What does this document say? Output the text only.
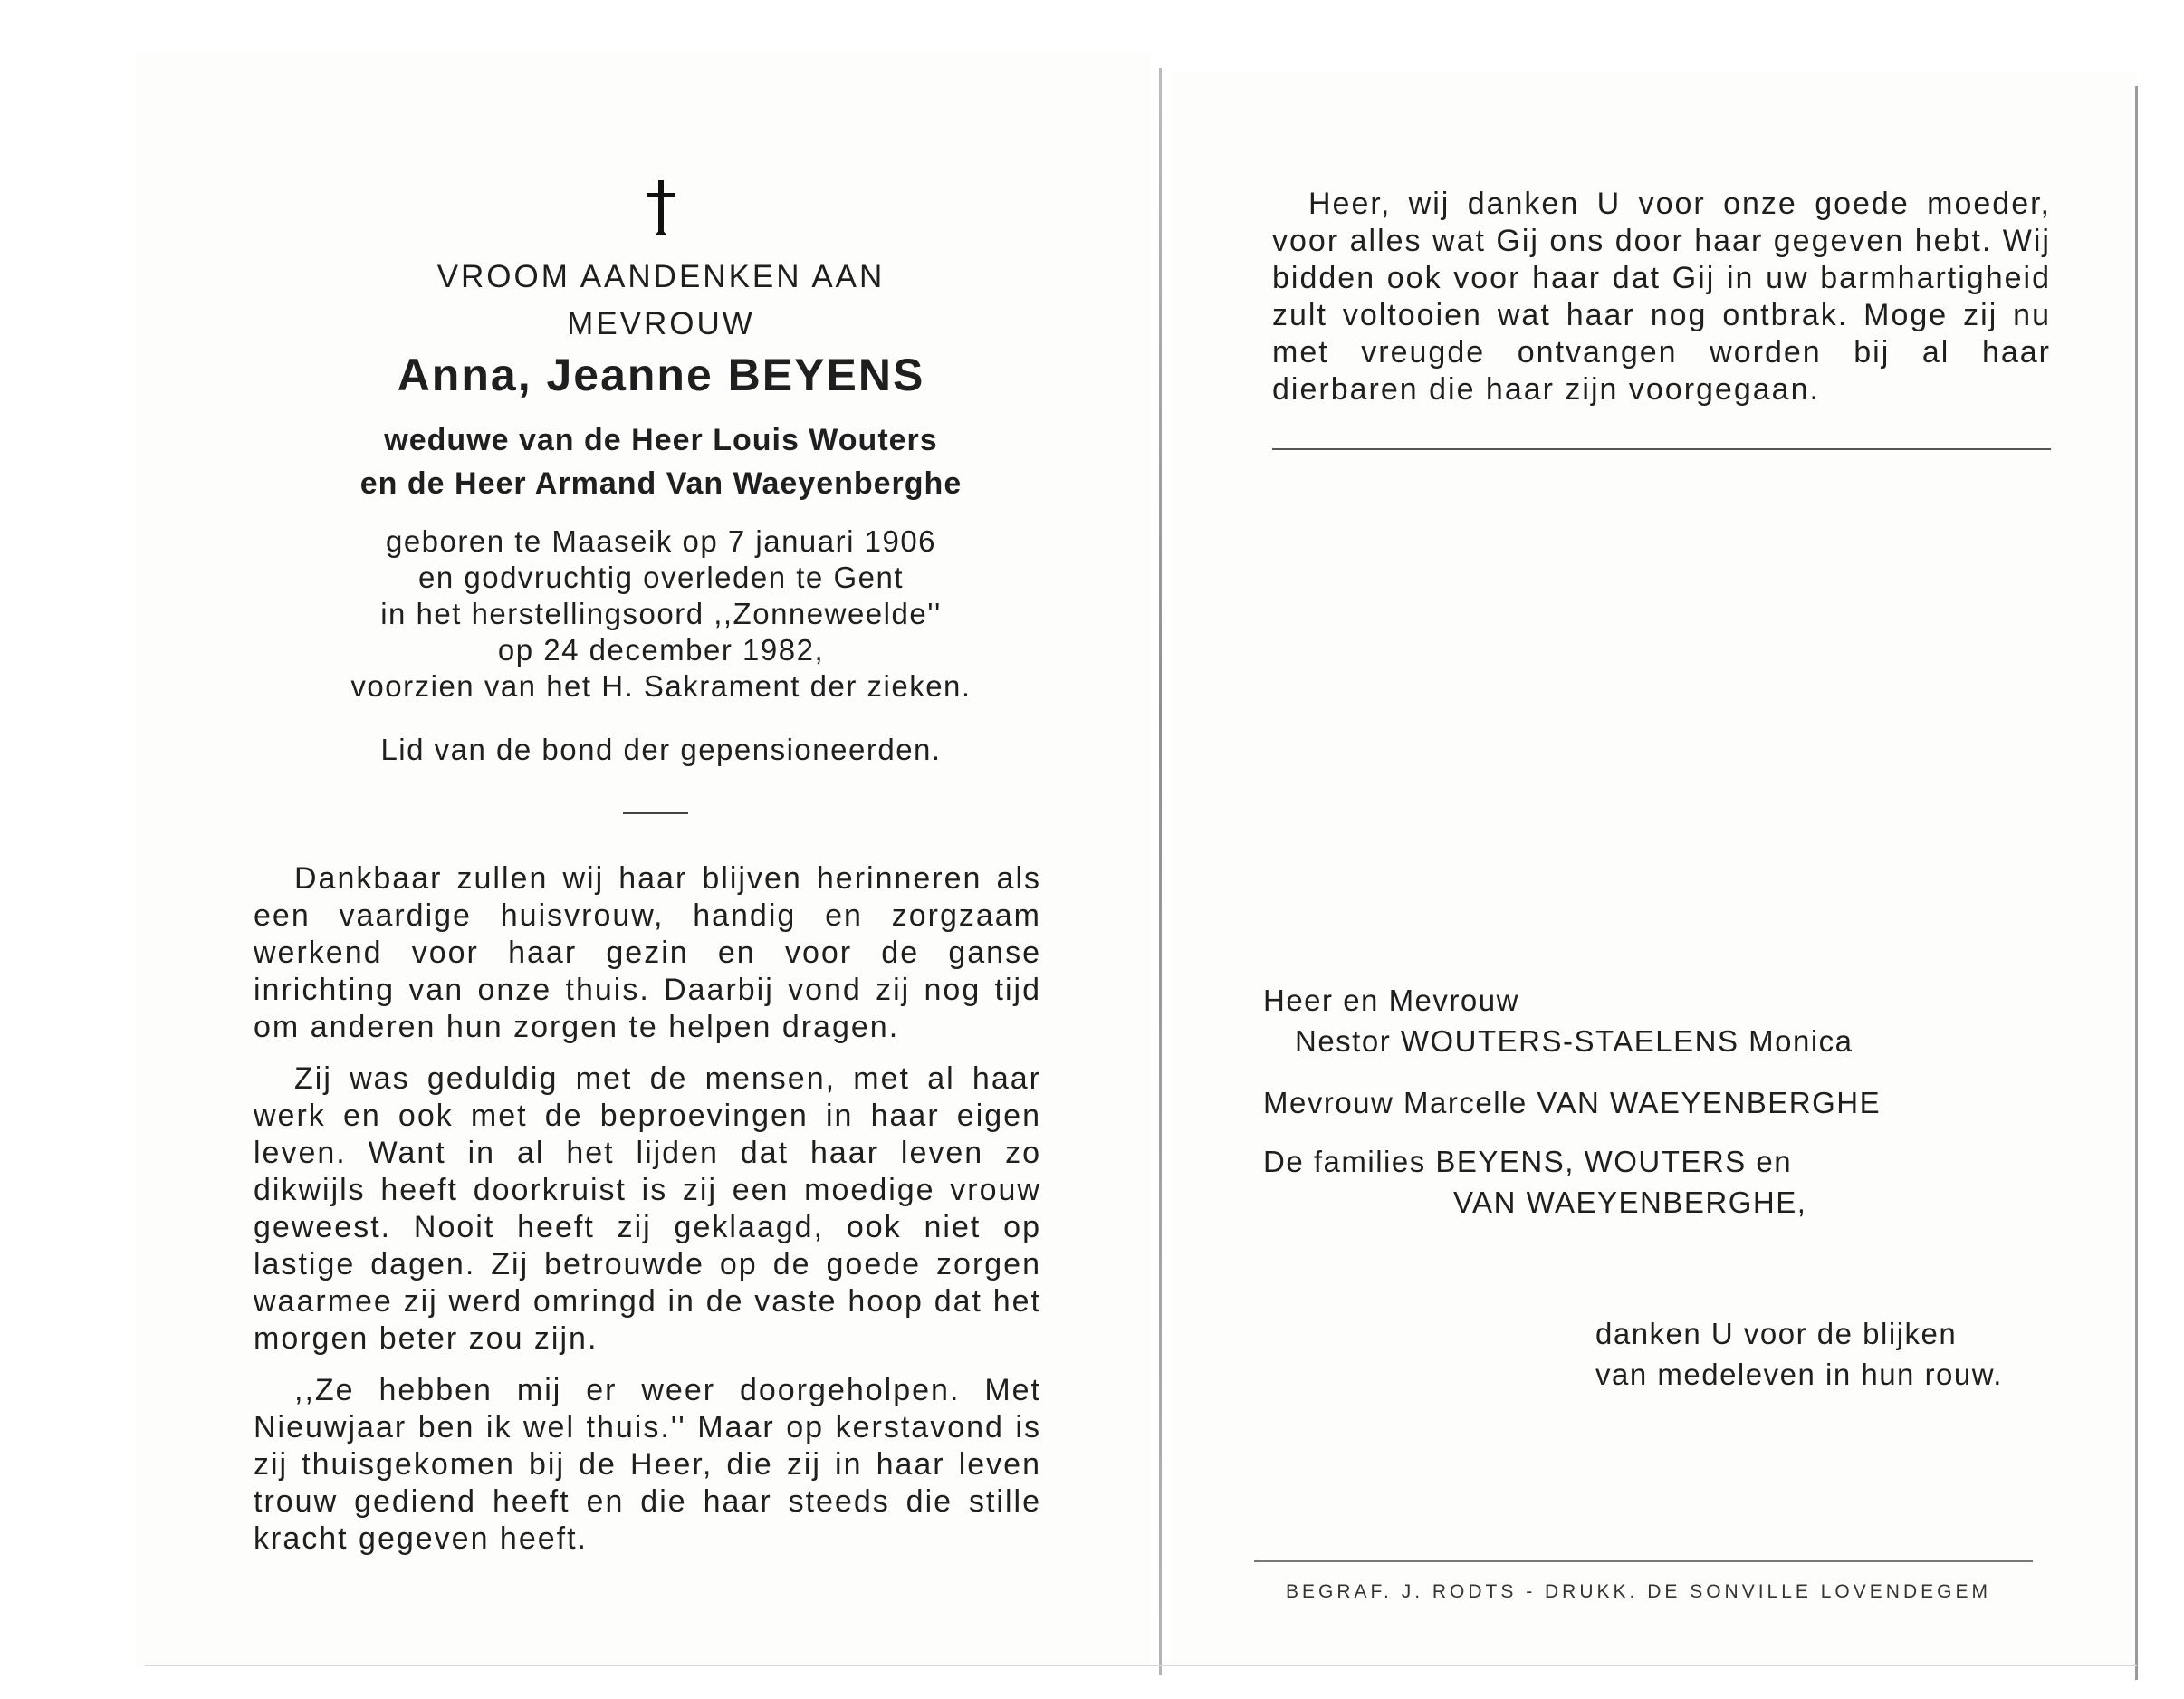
VROOM AANDENKEN AAN
MEVROUW
Anna, Jeanne BEYENS
weduwe van de Heer Louis Wouters
en de Heer Armand Van Waeyenberghe
geboren te Maaseik op 7 januari 1906
en godvruchtig overleden te Gent
in het herstellingsoord ,,Zonneweelde''
op 24 december 1982,
voorzien van het H. Sakrament der zieken.
Lid van de bond der gepensioneerden.

Dankbaar zullen wij haar blijven herinneren als een vaardige huisvrouw, handig en zorgzaam werkend voor haar gezin en voor de ganse inrichting van onze thuis. Daarbij vond zij nog tijd om anderen hun zorgen te helpen dragen.

Zij was geduldig met de mensen, met al haar werk en ook met de beproevingen in haar eigen leven. Want in al het lijden dat haar leven zo dikwijls heeft doorkruist is zij een moedige vrouw geweest. Nooit heeft zij geklaagd, ook niet op lastige dagen. Zij betrouwde op de goede zorgen waarmee zij werd omringd in de vaste hoop dat het morgen beter zou zijn.

,,Ze hebben mij er weer doorgeholpen. Met Nieuwjaar ben ik wel thuis.'' Maar op kerstavond is zij thuisgekomen bij de Heer, die zij in haar leven trouw gediend heeft en die haar steeds die stille kracht gegeven heeft.

Heer, wij danken U voor onze goede moeder, voor alles wat Gij ons door haar gegeven hebt. Wij bidden ook voor haar dat Gij in uw barmhartigheid zult voltooien wat haar nog ontbrak. Moge zij nu met vreugde ontvangen worden bij al haar dierbaren die haar zijn voorgegaan.
Heer en Mevrouw
Nestor WOUTERS-STAELENS Monica
Mevrouw Marcelle VAN WAEYENBERGHE
De families BEYENS, WOUTERS en
VAN WAEYENBERGHE,
danken U voor de blijken
van medeleven in hun rouw.
BEGRAF. J. RODTS - DRUKK. DE SONVILLE LOVENDEGEM
